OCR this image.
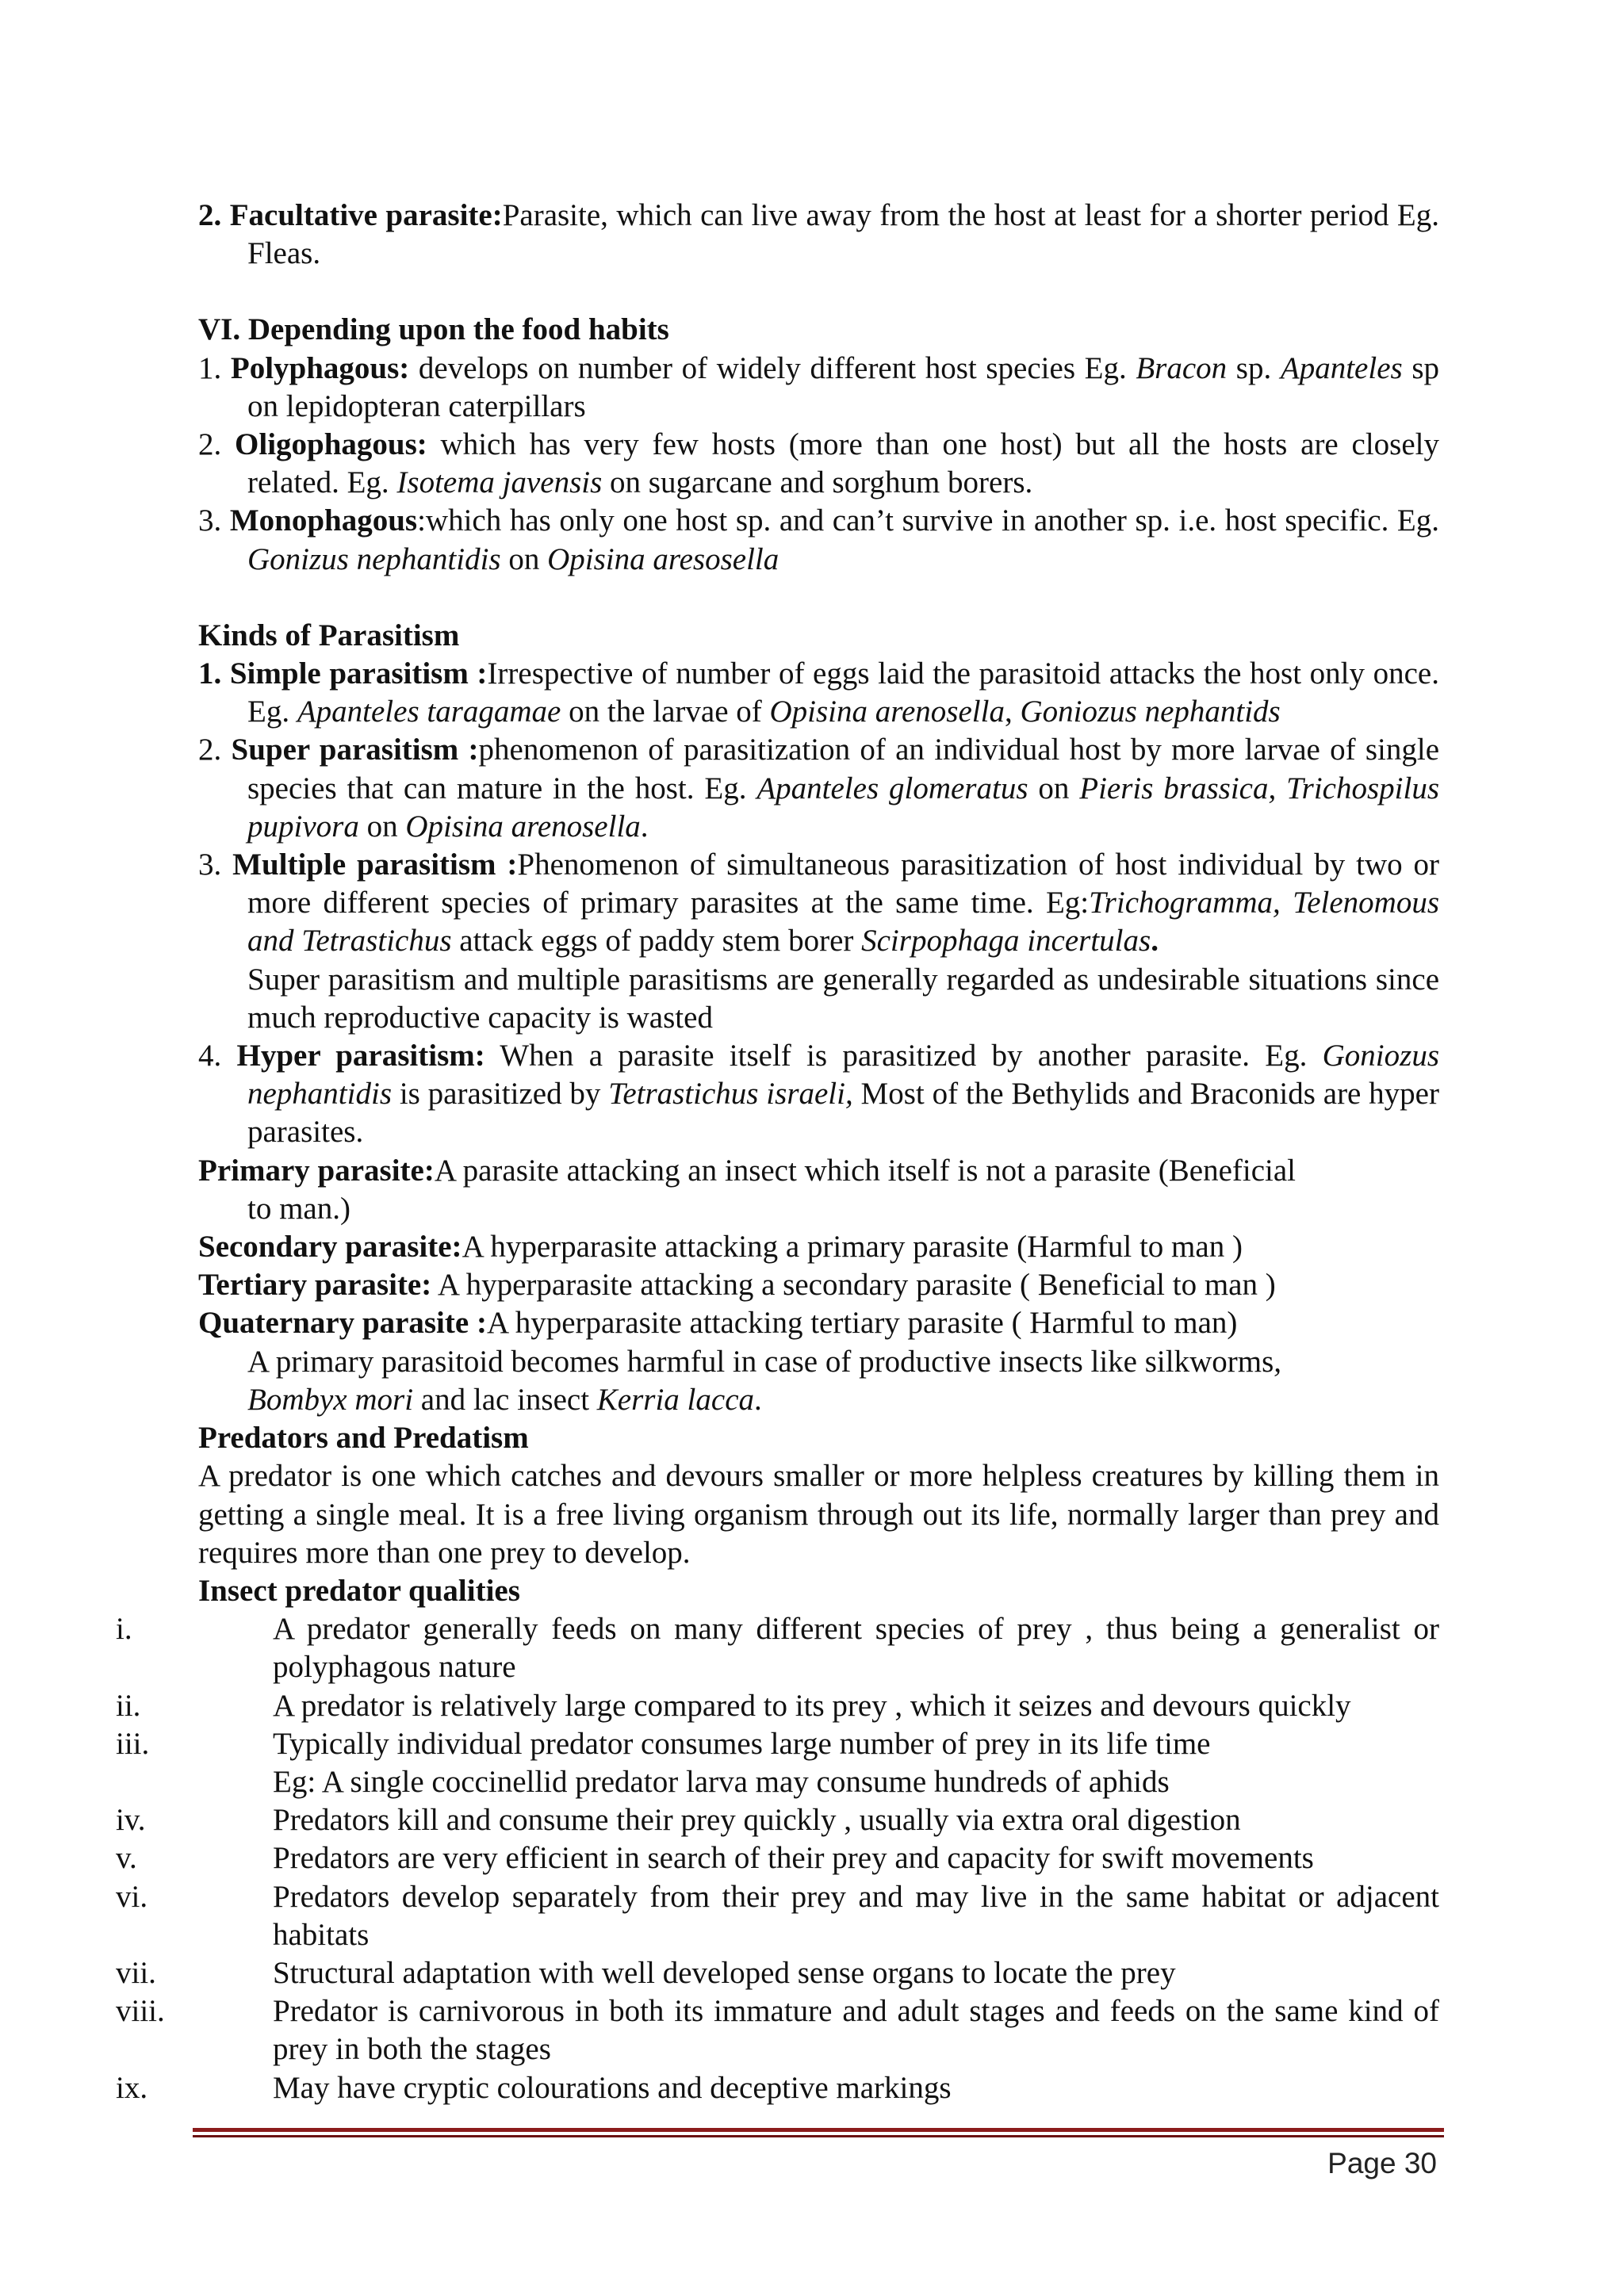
2. Facultative parasite:Parasite, which can live away from the host at least for a shorter period Eg. Fleas.
VI. Depending upon the food habits
1. Polyphagous: develops on number of widely different host species Eg. Bracon sp. Apanteles sp on lepidopteran caterpillars
2. Oligophagous: which has very few hosts (more than one host) but all the hosts are closely related. Eg. Isotema javensis on sugarcane and sorghum borers.
3. Monophagous:which has only one host sp. and can’t survive in another sp. i.e. host specific. Eg. Gonizus nephantidis on Opisina aresosella
Kinds of Parasitism
1. Simple parasitism :Irrespective of number of eggs laid the parasitoid attacks the host only once. Eg. Apanteles taragamae on the larvae of Opisina arenosella, Goniozus nephantids
2. Super parasitism :phenomenon of parasitization of an individual host by more larvae of single species that can mature in the host. Eg. Apanteles glomeratus on Pieris brassica, Trichospilus pupivora on Opisina arenosella.
3. Multiple parasitism :Phenomenon of simultaneous parasitization of host individual by two or more different species of primary parasites at the same time. Eg:Trichogramma, Telenomous and Tetrastichus attack eggs of paddy stem borer Scirpophaga incertulas.
Super parasitism and multiple parasitisms are generally regarded as undesirable situations since much reproductive capacity is wasted
4. Hyper parasitism: When a parasite itself is parasitized by another parasite. Eg. Goniozus nephantidis is parasitized by Tetrastichus israeli, Most of the Bethylids and Braconids are hyper parasites.
Primary parasite:A parasite attacking an insect which itself is not a parasite (Beneficial
to man.)
Secondary parasite:A hyperparasite attacking a primary parasite (Harmful to man )
Tertiary parasite: A hyperparasite attacking a secondary parasite ( Beneficial to man )
Quaternary parasite :A hyperparasite attacking tertiary parasite ( Harmful to man)
A primary parasitoid becomes harmful in case of productive insects like silkworms,
Bombyx mori and lac insect Kerria lacca.
Predators and Predatism
A predator is one which catches and devours smaller or more helpless creatures by killing them in getting a single meal. It is a free living organism through out its life, normally larger than prey and requires more than one prey to develop.
Insect predator qualities
i.	A predator generally feeds on many different species of prey , thus being a generalist or polyphagous nature
ii.	A predator is relatively large compared to its prey , which it seizes and devours quickly
iii.	Typically individual predator consumes large number of prey in its life time
Eg: A single coccinellid predator larva may consume hundreds of aphids
iv.	Predators kill and consume their prey quickly , usually via extra oral digestion
v.	Predators are very efficient in search of their prey and capacity for swift movements
vi.	Predators develop separately from their prey and may live in the same habitat or adjacent habitats
vii.	Structural adaptation with well developed sense organs to locate the prey
viii.	Predator is carnivorous in both its immature and adult stages and feeds on the same kind of prey in both the stages
ix.	May have cryptic colourations and deceptive markings
Page 30
